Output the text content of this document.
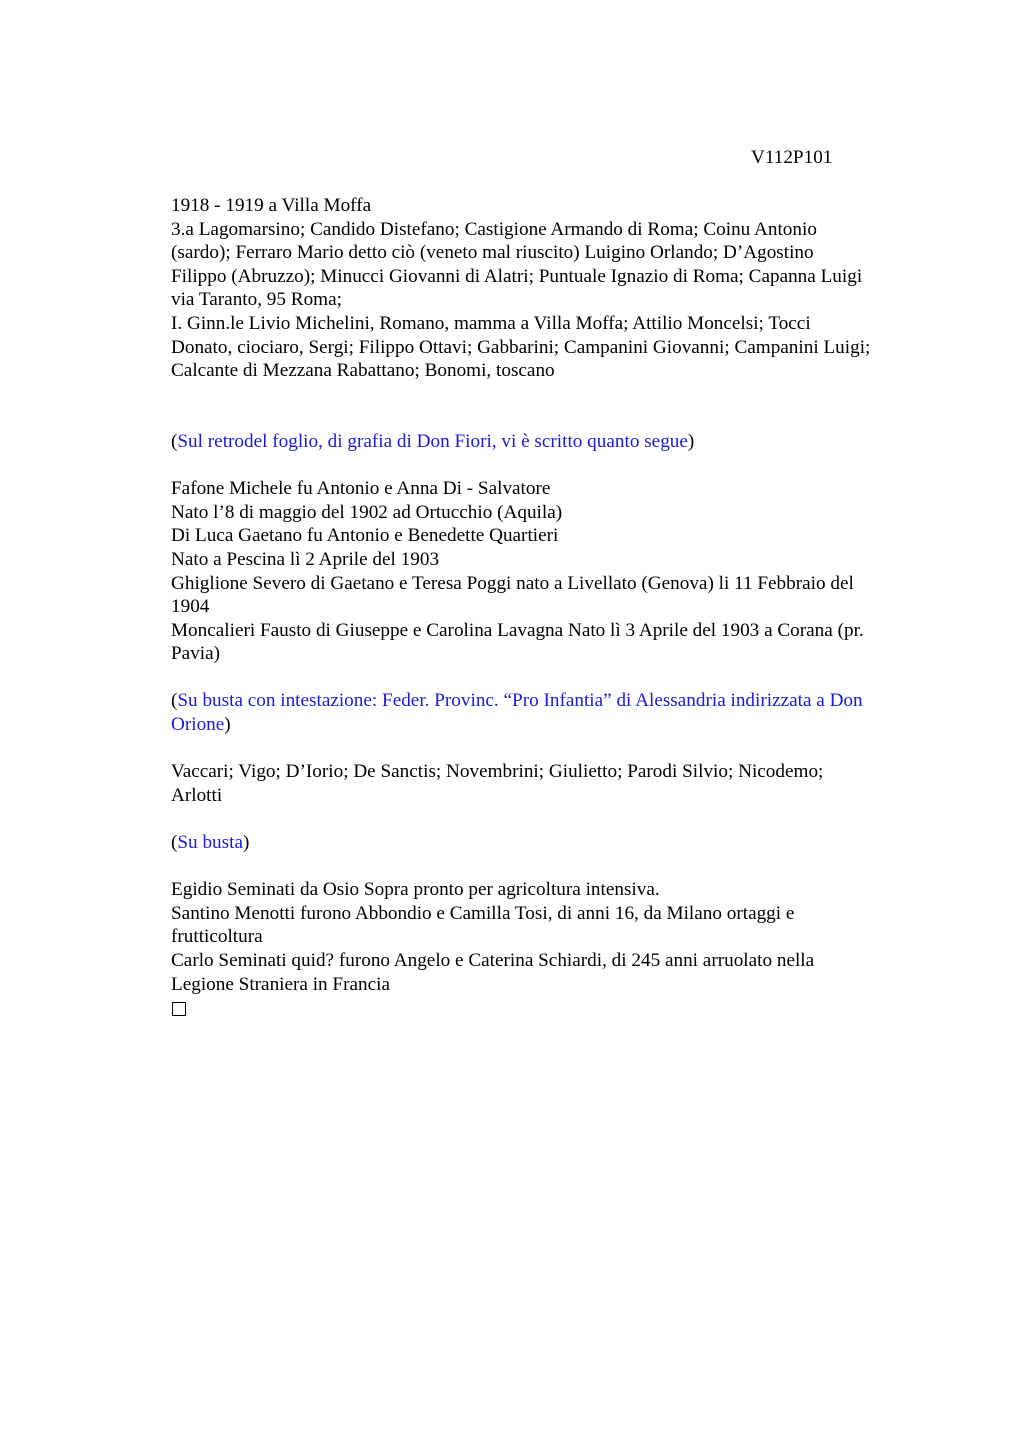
V112P101
1918 - 1919 a Villa Moffa
3.a Lagomarsino; Candido Distefano; Castigione Armando di Roma; Coinu Antonio
(sardo); Ferraro Mario detto ciò (veneto mal riuscito) Luigino Orlando; D’Agostino
Filippo (Abruzzo); Minucci Giovanni di Alatri; Puntuale Ignazio di Roma; Capanna Luigi
via Taranto, 95 Roma;
I. Ginn.le Livio Michelini, Romano, mamma a Villa Moffa; Attilio Moncelsi; Tocci
Donato, ciociaro, Sergi; Filippo Ottavi; Gabbarini; Campanini Giovanni; Campanini Luigi;
Calcante di Mezzana Rabattano; Bonomi, toscano
(Sul retrodel foglio, di grafia di Don Fiori, vi è scritto quanto segue)
Fafone Michele fu Antonio e Anna Di - Salvatore
Nato l’8 di maggio del 1902 ad Ortucchio (Aquila)
Di Luca Gaetano fu Antonio e Benedette Quartieri
Nato a Pescina lì 2 Aprile del 1903
Ghiglione Severo di Gaetano e Teresa Poggi nato a Livellato (Genova) li 11 Febbraio del
1904
Moncalieri Fausto di Giuseppe e Carolina Lavagna Nato lì 3 Aprile del 1903 a Corana (pr.
Pavia)
(Su busta con intestazione: Feder. Provinc. “Pro Infantia” di Alessandria indirizzata a Don
Orione)
Vaccari; Vigo; D’Iorio; De Sanctis; Novembrini; Giulietto; Parodi Silvio; Nicodemo;
Arlotti
(Su busta)
Egidio Seminati da Osio Sopra pronto per agricoltura intensiva.
Santino Menotti furono Abbondio e Camilla Tosi, di anni 16, da Milano ortaggi e
frutticoltura
Carlo Seminati quid? furono Angelo e Caterina Schiardi, di 245 anni arruolato nella
Legione Straniera in Francia
